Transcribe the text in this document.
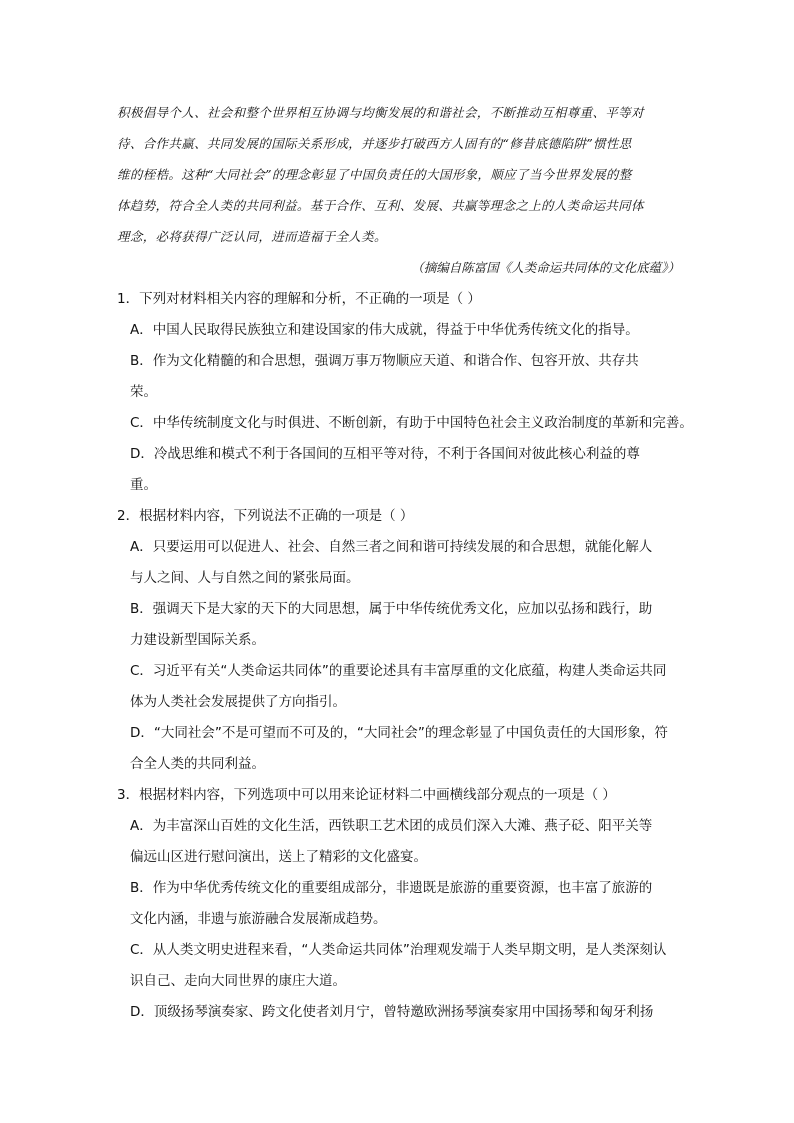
积极倡导个人、社会和整个世界相互协调与均衡发展的和谐社会，不断推动互相尊重、平等对

待、合作共赢、共同发展的国际关系形成，并逐步打破西方人固有的“修昔底德陷阱”惯性思

维的桎梏。这种“大同社会”的理念彰显了中国负责任的大国形象，顺应了当今世界发展的整

体趋势，符合全人类的共同利益。基于合作、互利、发展、共赢等理念之上的人类命运共同体

理念，必将获得广泛认同，进而造福于全人类。

（摘编自陈富国《人类命运共同体的文化底蕴》）

1．下列对材料相关内容的理解和分析，不正确的一项是（ ）

A．中国人民取得民族独立和建设国家的伟大成就，得益于中华优秀传统文化的指导。
B．作为文化精髓的和合思想，强调万事万物顺应天道、和谐合作、包容开放、共存共
荣。
C．中华传统制度文化与时俱进、不断创新，有助于中国特色社会主义政治制度的革新和完善。
D．冷战思维和模式不利于各国间的互相平等对待，不利于各国间对彼此核心利益的尊
重。

2．根据材料内容，下列说法不正确的一项是（ ）

A．只要运用可以促进人、社会、自然三者之间和谐可持续发展的和合思想，就能化解人
与人之间、人与自然之间的紧张局面。
B．强调天下是大家的天下的大同思想，属于中华传统优秀文化，应加以弘扬和践行，助
力建设新型国际关系。
C．习近平有关“人类命运共同体”的重要论述具有丰富厚重的文化底蕴，构建人类命运共同
体为人类社会发展提供了方向指引。
D．“大同社会”不是可望而不可及的，“大同社会”的理念彰显了中国负责任的大国形象，符
合全人类的共同利益。

3．根据材料内容，下列选项中可以用来论证材料二中画横线部分观点的一项是（ ）

A．为丰富深山百姓的文化生活，西铁职工艺术团的成员们深入大滩、燕子砭、阳平关等
偏远山区进行慰问演出，送上了精彩的文化盛宴。
B．作为中华优秀传统文化的重要组成部分，非遗既是旅游的重要资源，也丰富了旅游的
文化内涵，非遗与旅游融合发展渐成趋势。
C．从人类文明史进程来看，“人类命运共同体”治理观发端于人类早期文明，是人类深刻认
识自己、走向大同世界的康庄大道。
D．顶级扬琴演奏家、跨文化使者刘月宁，曾特邀欧洲扬琴演奏家用中国扬琴和匈牙利扬
